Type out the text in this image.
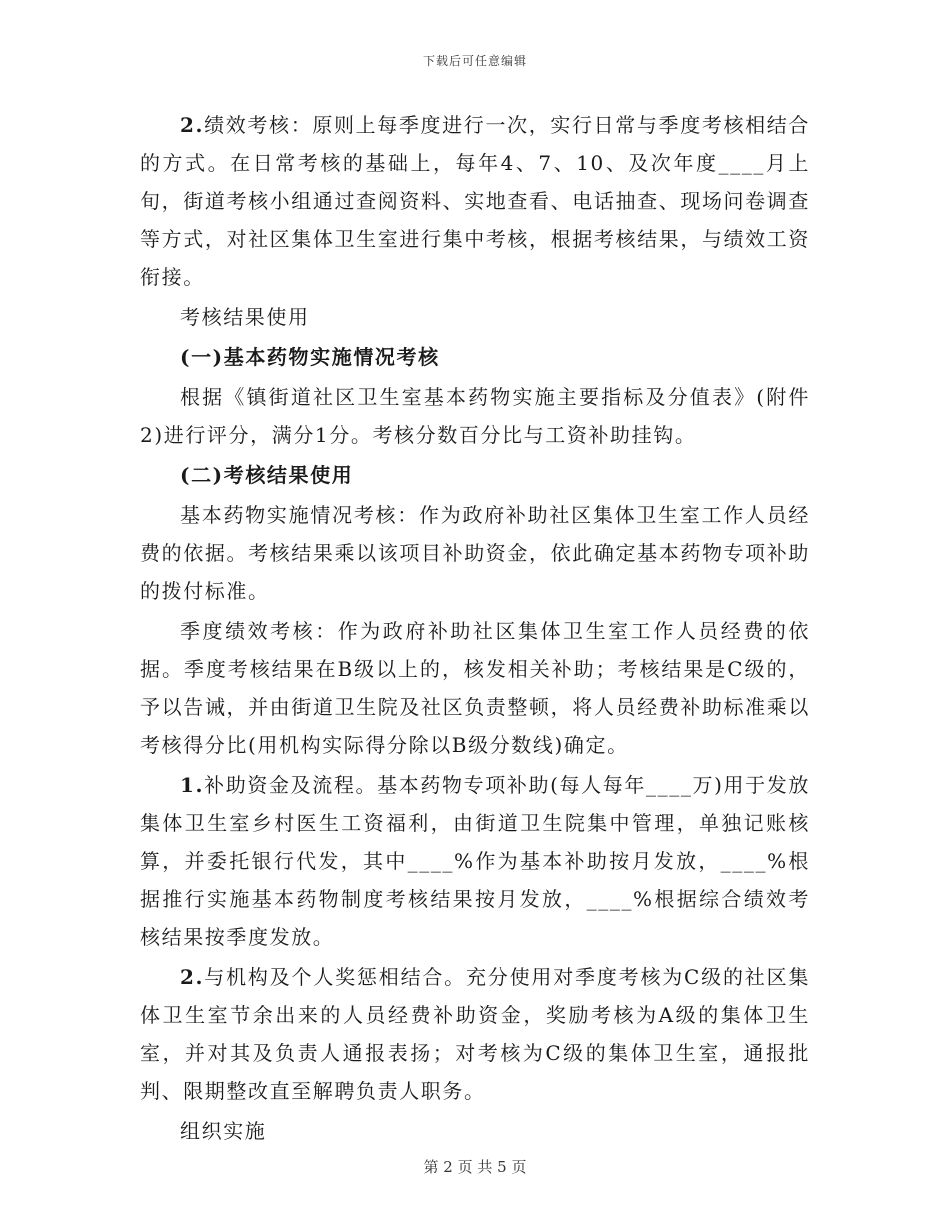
下载后可任意编辑

2.绩效考核：原则上每季度进行一次，实行日常与季度考核相结合的方式。在日常考核的基础上，每年4、7、10、及次年度____月上旬，街道考核小组通过查阅资料、实地查看、电话抽查、现场问卷调查等方式，对社区集体卫生室进行集中考核，根据考核结果，与绩效工资衔接。

考核结果使用

(一)基本药物实施情况考核

根据《镇街道社区卫生室基本药物实施主要指标及分值表》(附件2)进行评分，满分1分。考核分数百分比与工资补助挂钩。

(二)考核结果使用

基本药物实施情况考核：作为政府补助社区集体卫生室工作人员经费的依据。考核结果乘以该项目补助资金，依此确定基本药物专项补助的拨付标准。

季度绩效考核：作为政府补助社区集体卫生室工作人员经费的依据。季度考核结果在B级以上的，核发相关补助；考核结果是C级的，予以告诫，并由街道卫生院及社区负责整顿，将人员经费补助标准乘以考核得分比(用机构实际得分除以B级分数线)确定。

1.补助资金及流程。基本药物专项补助(每人每年____万)用于发放集体卫生室乡村医生工资福利，由街道卫生院集中管理，单独记账核算，并委托银行代发，其中____%作为基本补助按月发放，____%根据推行实施基本药物制度考核结果按月发放，____%根据综合绩效考核结果按季度发放。

2.与机构及个人奖惩相结合。充分使用对季度考核为C级的社区集体卫生室节余出来的人员经费补助资金，奖励考核为A级的集体卫生室，并对其及负责人通报表扬；对考核为C级的集体卫生室，通报批判、限期整改直至解聘负责人职务。

组织实施

第 2 页 共 5 页
